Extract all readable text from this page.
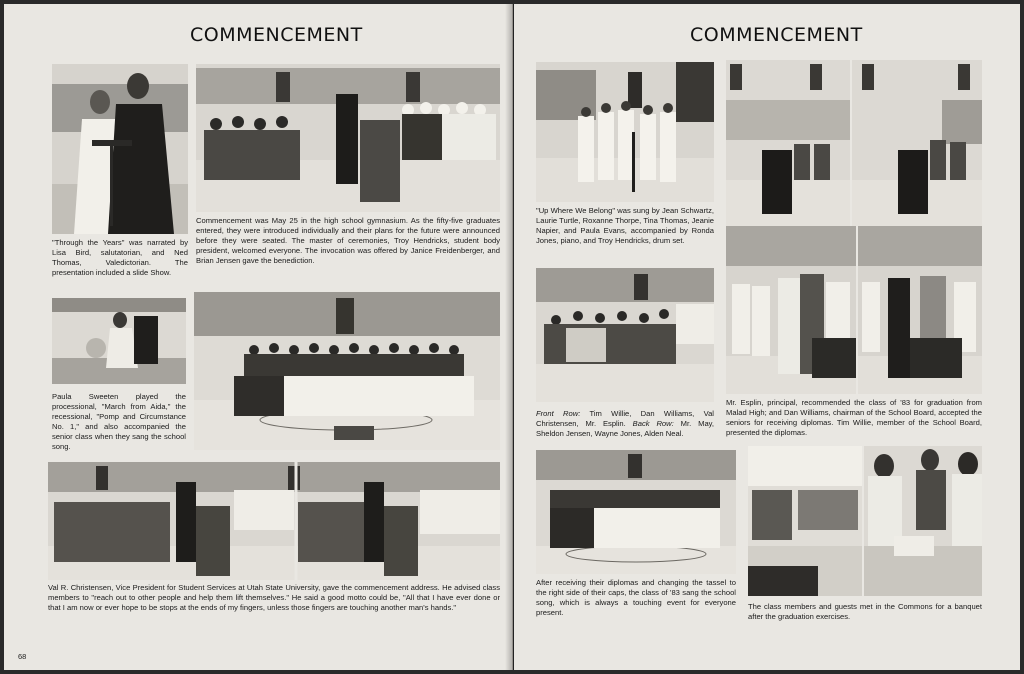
COMMENCEMENT

"Through the Years" was narrated by Lisa Bird, salutatorian, and Ned Thomas, Valedictorian. The presentation included a slide Show.

Commencement was May 25 in the high school gymnasium. As the fifty-five graduates entered, they were introduced individually and their plans for the future were announced before they were seated. The master of ceremonies, Troy Hendricks, student body president, welcomed everyone. The invocation was offered by Janice Freidenberger, and Brian Jensen gave the benediction.

Paula Sweeten played the processional, "March from Aida," the recessional, "Pomp and Circumstance No. 1," and also accompanied the senior class when they sang the school song.

Val R. Christensen, Vice President for Student Services at Utah State University, gave the commencement address. He advised class members to "reach out to other people and help them lift themselves." He said a good motto could be, "All that I have ever done or that I am now or ever hope to be stops at the ends of my fingers, unless those fingers are touching another man's hands."

68
COMMENCEMENT

"Up Where We Belong" was sung by Jean Schwartz, Laurie Turtle, Roxanne Thorpe, Tina Thomas, Jeanie Napier, and Paula Evans, accompanied by Ronda Jones, piano, and Troy Hendricks, drum set.

Front Row: Tim Willie, Dan Williams, Val Christensen, Mr. Esplin. Back Row: Mr. May, Sheldon Jensen, Wayne Jones, Alden Neal.

Mr. Esplin, principal, recommended the class of '83 for graduation from Malad High; and Dan Williams, chairman of the School Board, accepted the seniors for receiving diplomas. Tim Willie, member of the School Board, presented the diplomas.

After receiving their diplomas and changing the tassel to the right side of their caps, the class of '83 sang the school song, which is always a touching event for everyone present.

The class members and guests met in the Commons for a banquet after the graduation exercises.
